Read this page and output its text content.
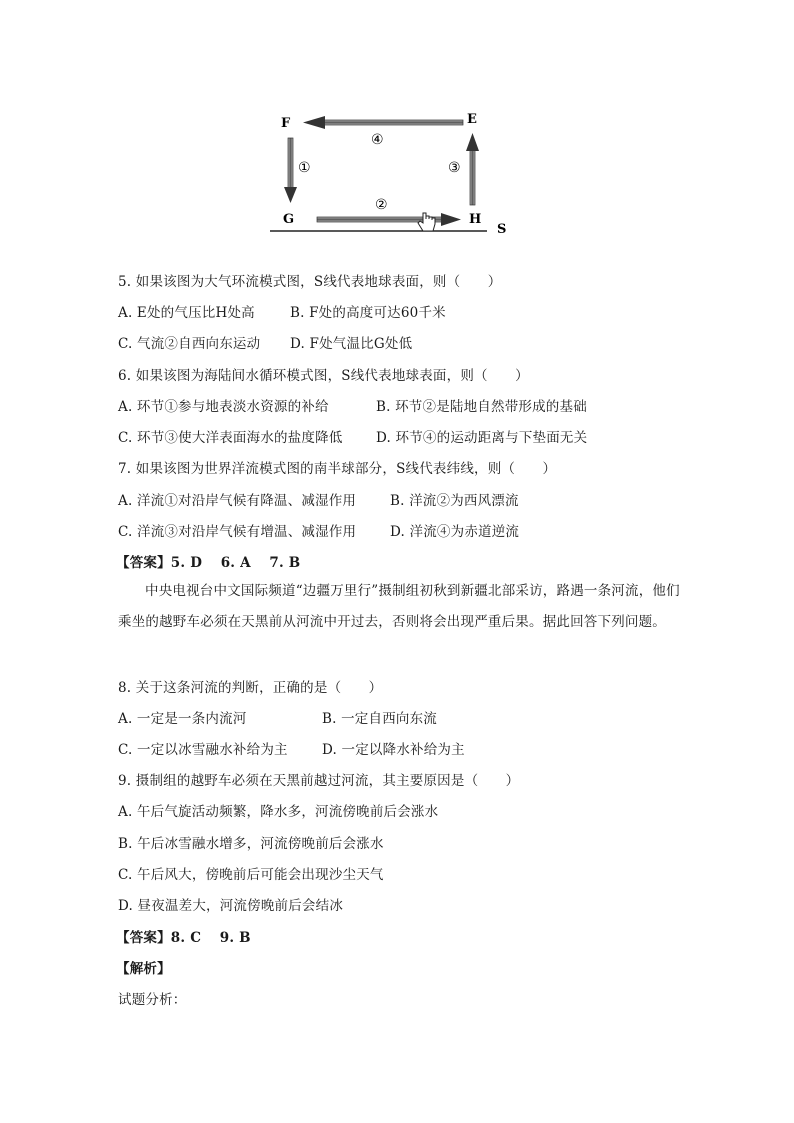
F	E
G	H
S
④
①	③
②
5. 如果该图为大气环流模式图，S线代表地球表面，则（　　）
A. E处的气压比H处高	B. F处的高度可达60千米
C. 气流②自西向东运动 D. F处气温比G处低
6. 如果该图为海陆间水循环模式图，S线代表地球表面，则（　　）
A. 环节①参与地表淡水资源的补给	B. 环节②是陆地自然带形成的基础
C. 环节③使大洋表面海水的盐度降低 D. 环节④的运动距离与下垫面无关
7. 如果该图为世界洋流模式图的南半球部分，S线代表纬线，则（　　）
A. 洋流①对沿岸气候有降温、减湿作用	B. 洋流②为西风漂流
C. 洋流③对沿岸气候有增温、减湿作用	D. 洋流④为赤道逆流
【答案】5. D　 6. A　 7. B
中央电视台中文国际频道“边疆万里行”摄制组初秋到新疆北部采访，路遇一条河流，他们乘坐的越野车必须在天黑前从河流中开过去，否则将会出现严重后果。据此回答下列问题。
8. 关于这条河流的判断，正确的是（　　）
A. 一定是一条内流河	B. 一定自西向东流
C. 一定以冰雪融水补给为主	D. 一定以降水补给为主
9. 摄制组的越野车必须在天黑前越过河流，其主要原因是（　　）
A. 午后气旋活动频繁，降水多，河流傍晚前后会涨水
B. 午后冰雪融水增多，河流傍晚前后会涨水
C. 午后风大，傍晚前后可能会出现沙尘天气
D. 昼夜温差大，河流傍晚前后会结冰
【答案】8. C　 9. B
【解析】
试题分析：
